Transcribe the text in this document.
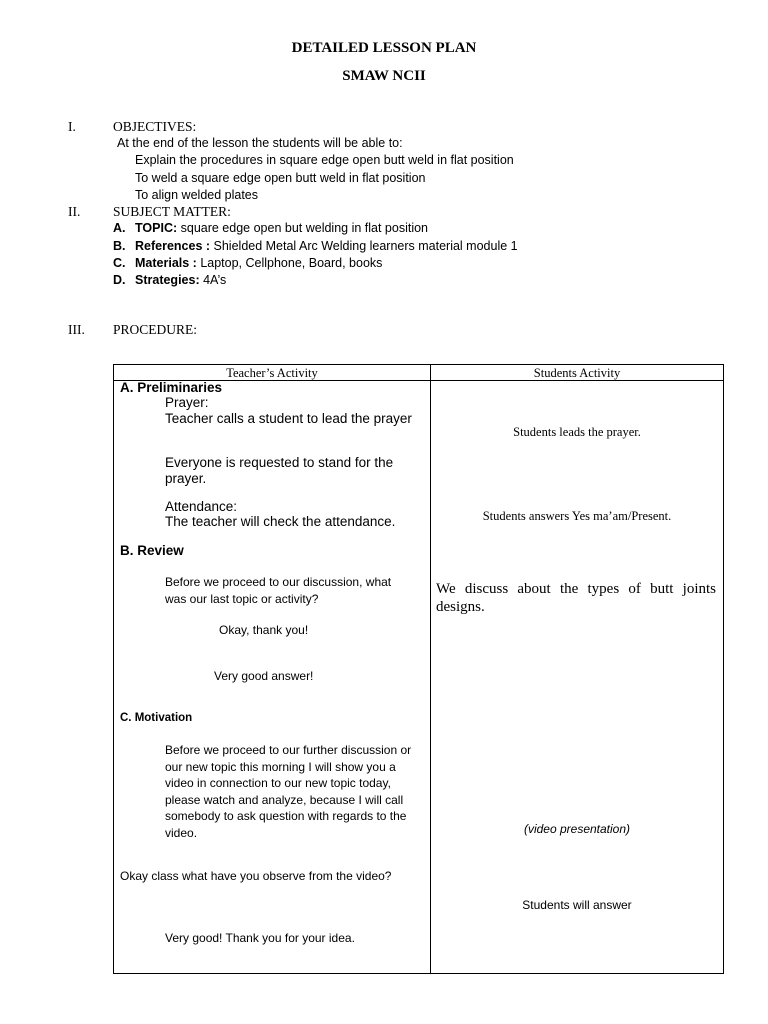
DETAILED LESSON PLAN
SMAW NCII
I.	OBJECTIVES:
At the end of the lesson the students will be able to:
Explain the procedures in square edge open butt weld in flat position
To weld a square edge open butt weld in flat position
To align welded plates
II. SUBJECT MATTER:
A. TOPIC: square edge open but welding in flat position
B. References : Shielded Metal Arc Welding learners material module 1
C. Materials : Laptop, Cellphone, Board, books
D. Strategies: 4A’s
III. PROCEDURE:
Teacher’s Activity	Students Activity
A. Preliminaries
Prayer:
Teacher calls a student to lead the prayer
Everyone is requested to stand for the prayer.
Attendance:
The teacher will check the attendance.
B. Review
Before we proceed to our discussion, what was our last topic or activity?
Okay, thank you!
Very good answer!
C. Motivation
Before we proceed to our further discussion or our new topic this morning I will show you a video in connection to our new topic today, please watch and analyze, because I will call somebody to ask question with regards to the video.
Okay class what have you observe from the video?
Very good! Thank you for your idea.
Students leads the prayer.
Students answers Yes ma’am/Present.
We discuss about the types of butt joints designs.
(video presentation)
Students will answer
